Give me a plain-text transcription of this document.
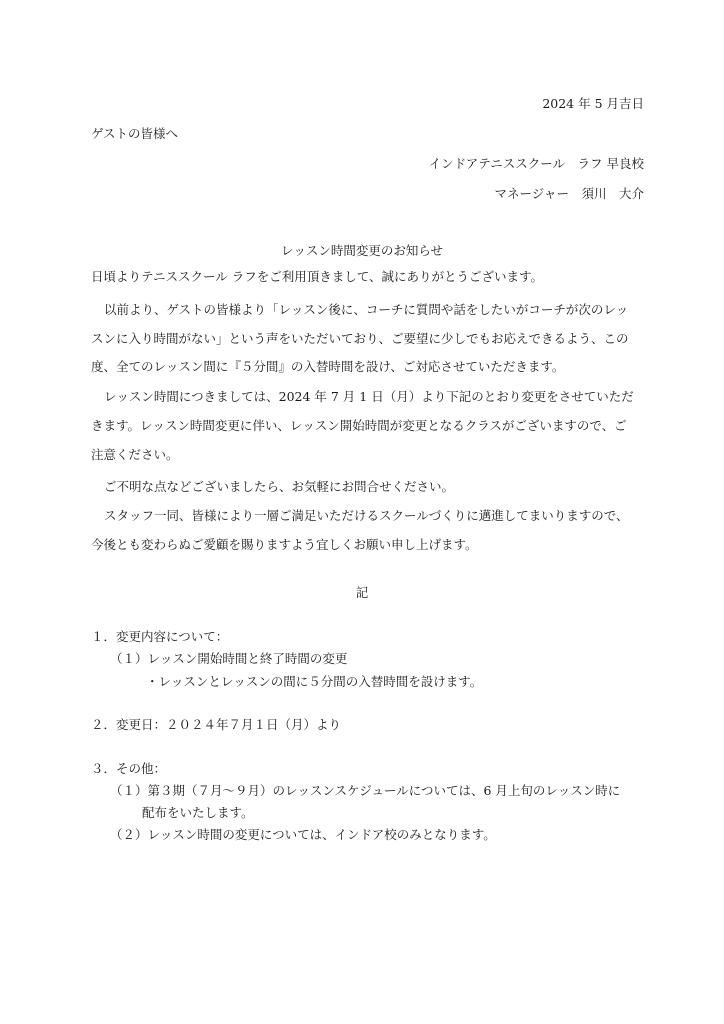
2024 年 5 月吉日
ゲストの皆様へ
インドアテニススクール　ラフ 早良校
マネージャー　須川　大介
レッスン時間変更のお知らせ
日頃よりテニススクール ラフをご利用頂きまして、誠にありがとうございます。
以前より、ゲストの皆様より「レッスン後に、コーチに質問や話をしたいがコーチが次のレッ
スンに入り時間がない」という声をいただいており、ご要望に少しでもお応えできるよう、この
度、全てのレッスン間に『５分間』の入替時間を設け、ご対応させていただきます。
レッスン時間につきましては、2024 年 7 月 1 日（月）より下記のとおり変更をさせていただ
きます。レッスン時間変更に伴い、レッスン開始時間が変更となるクラスがございますので、ご
注意ください。
ご不明な点などございましたら、お気軽にお問合せください。
スタッフ一同、皆様により一層ご満足いただけるスクールづくりに邁進してまいりますので、
今後とも変わらぬご愛顧を賜りますよう宜しくお願い申し上げます。
記
１．変更内容について：
（１）レッスン開始時間と終了時間の変更
・レッスンとレッスンの間に５分間の入替時間を設けます。
２．変更日：２０２４年７月１日（月）より
３．その他：
（１）第３期（７月〜９月）のレッスンスケジュールについては、6 月上旬のレッスン時に
配布をいたします。
（２）レッスン時間の変更については、インドア校のみとなります。
